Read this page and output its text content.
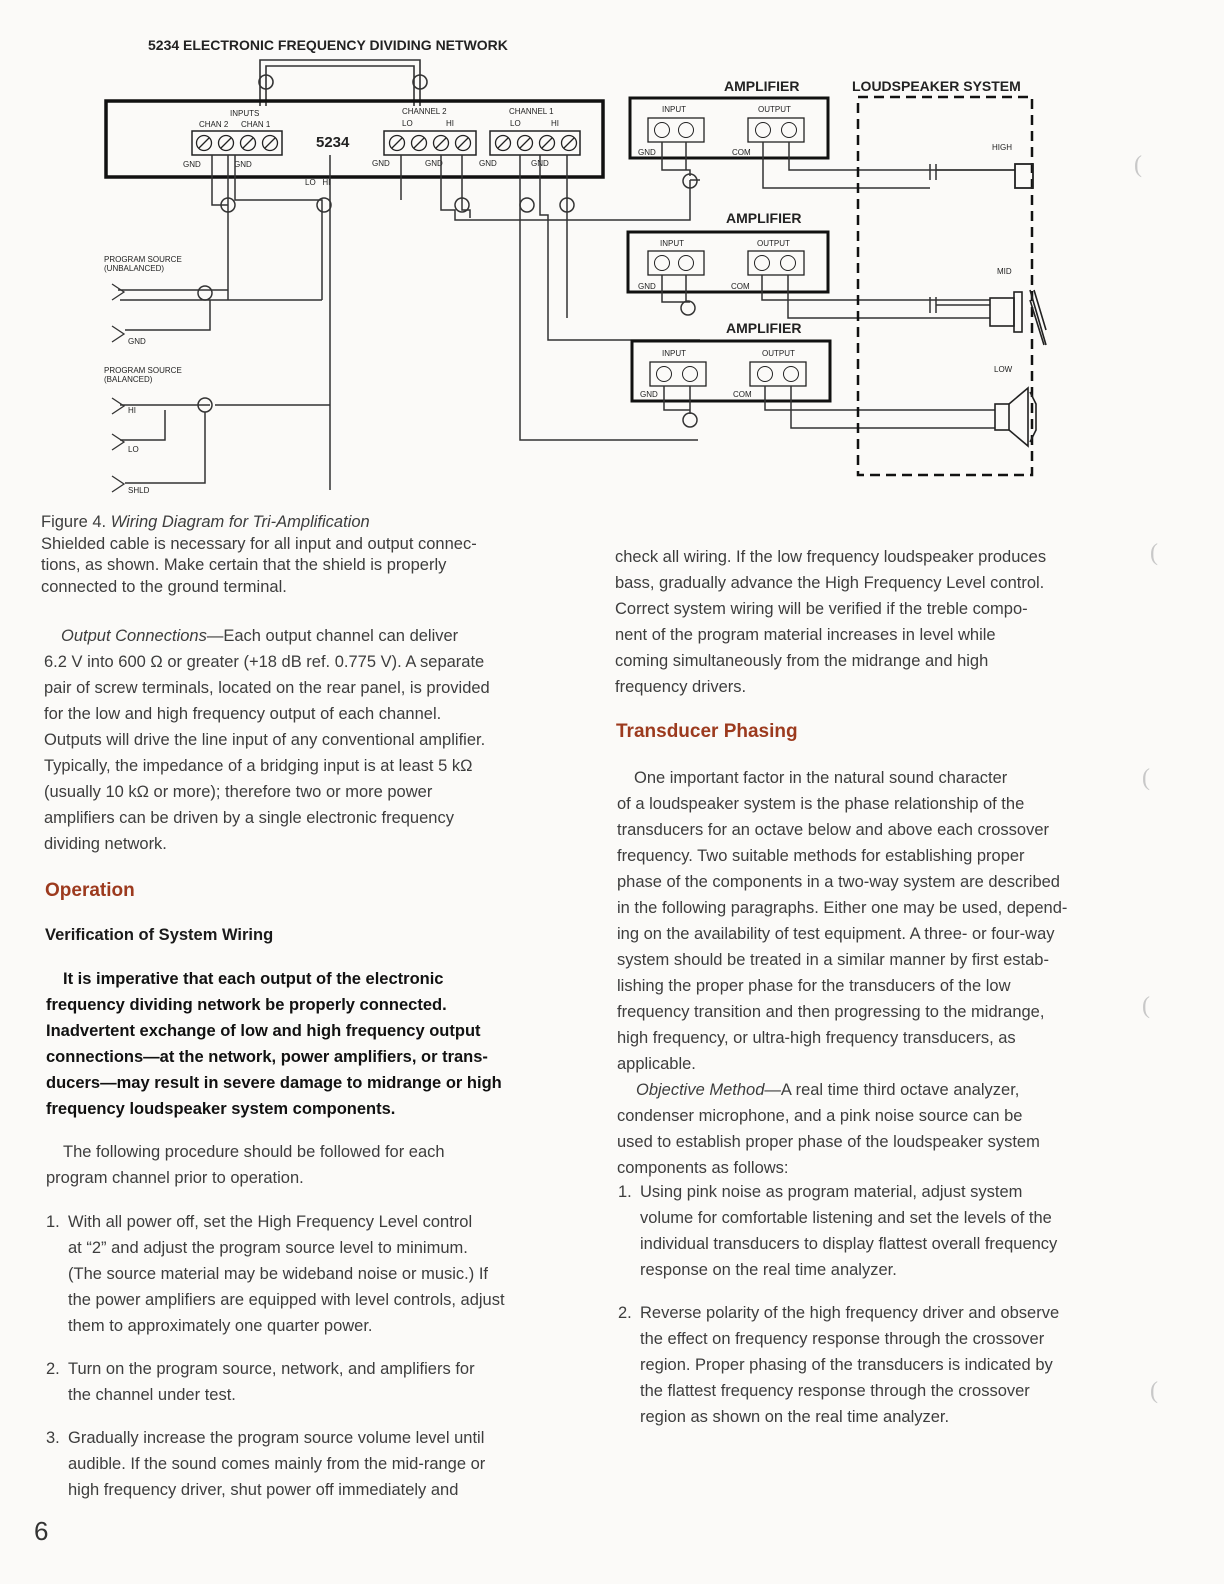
5234 ELECTRONIC FREQUENCY DIVIDING NETWORK
INPUTS
CHAN 2 CHAN 1
5234
CHANNEL 2	CHANNEL 1
LO	HI	LO	HI
GND	GND	GND	GND	GND	GND
LO   HI
PROGRAM SOURCE
(UNBALANCED)
GND
PROGRAM SOURCE
(BALANCED)
HI
LO
SHLD
AMPLIFIER
INPUT	OUTPUT
GND	COM
AMPLIFIER
INPUT	OUTPUT
GND	COM
AMPLIFIER
INPUT	OUTPUT
GND	COM
LOUDSPEAKER SYSTEM
HIGH
MID
LOW

Figure 4. Wiring Diagram for Tri-Amplification

Shielded cable is necessary for all input and output connec-

tions, as shown. Make certain that the shield is properly

connected to the ground terminal.

Output Connections—Each output channel can deliver

6.2 V into 600 Ω or greater (+18 dB ref. 0.775 V). A separate

pair of screw terminals, located on the rear panel, is provided

for the low and high frequency output of each channel.

Outputs will drive the line input of any conventional amplifier.

Typically, the impedance of a bridging input is at least 5 kΩ

(usually 10 kΩ or more); therefore two or more power

amplifiers can be driven by a single electronic frequency

dividing network.

Operation
Verification of System Wiring
It is imperative that each output of the electronic
frequency dividing network be properly connected.
Inadvertent exchange of low and high frequency output
connections—at the network, power amplifiers, or trans-
ducers—may result in severe damage to midrange or high
frequency loudspeaker system components.

The following procedure should be followed for each

program channel prior to operation.

1. With all power off, set the High Frequency Level control

at “2” and adjust the program source level to minimum.

(The source material may be wideband noise or music.) If

the power amplifiers are equipped with level controls, adjust

them to approximately one quarter power.

2. Turn on the program source, network, and amplifiers for

the channel under test.

3. Gradually increase the program source volume level until

audible. If the sound comes mainly from the mid-range or

high frequency driver, shut power off immediately and

6

check all wiring. If the low frequency loudspeaker produces

bass, gradually advance the High Frequency Level control.

Correct system wiring will be verified if the treble compo-

nent of the program material increases in level while

coming simultaneously from the midrange and high

frequency drivers.

Transducer Phasing

One important factor in the natural sound character

of a loudspeaker system is the phase relationship of the

transducers for an octave below and above each crossover

frequency. Two suitable methods for establishing proper

phase of the components in a two-way system are described

in the following paragraphs. Either one may be used, depend-

ing on the availability of test equipment. A three- or four-way

system should be treated in a similar manner by first estab-

lishing the proper phase for the transducers of the low

frequency transition and then progressing to the midrange,

high frequency, or ultra-high frequency transducers, as

applicable.

Objective Method—A real time third octave analyzer,

condenser microphone, and a pink noise source can be

used to establish proper phase of the loudspeaker system

components as follows:

1. Using pink noise as program material, adjust system

volume for comfortable listening and set the levels of the

individual transducers to display flattest overall frequency

response on the real time analyzer.

2. Reverse polarity of the high frequency driver and observe

the effect on frequency response through the crossover

region. Proper phasing of the transducers is indicated by

the flattest frequency response through the crossover

region as shown on the real time analyzer.

(
(
(
(
(
